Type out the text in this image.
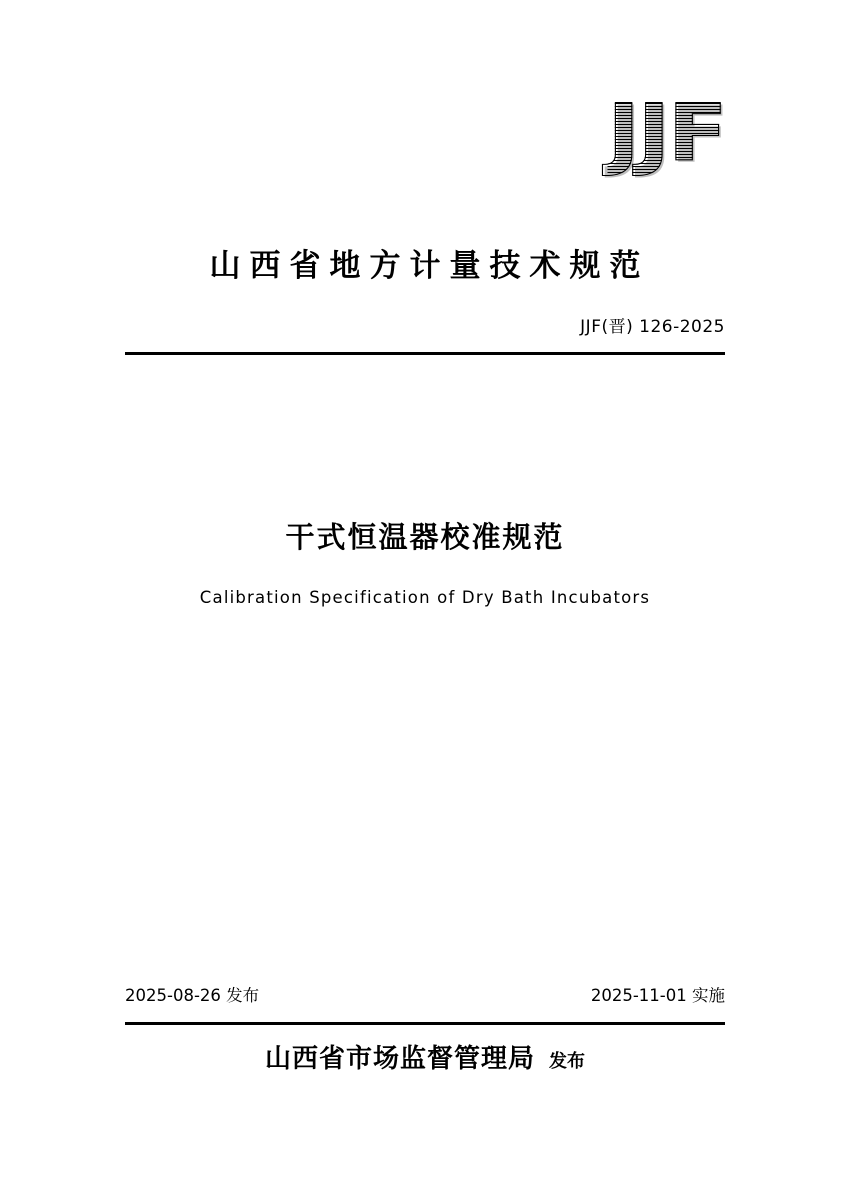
JJF
山西省地方计量技术规范
JJF(晋) 126-2025
干式恒温器校准规范
Calibration Specification of Dry Bath Incubators
2025-08-26 发布	2025-11-01 实施
山西省市场监督管理局 发布
